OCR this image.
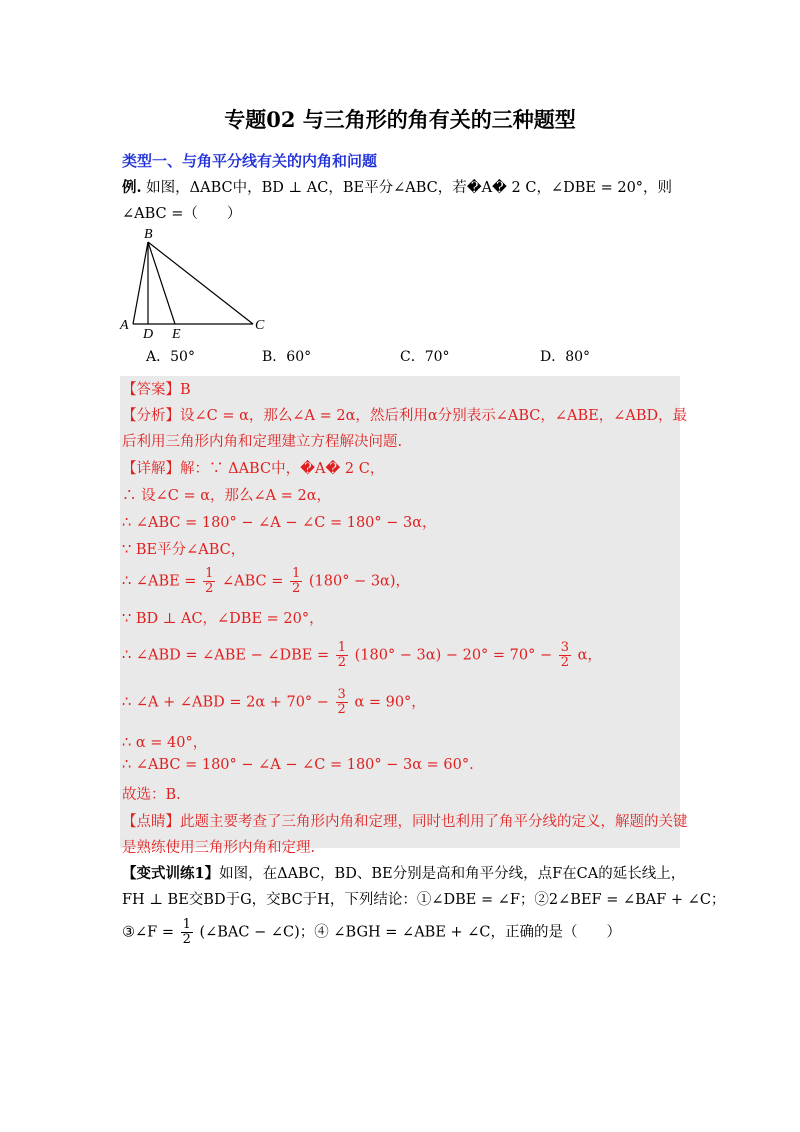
专题02 与三角形的角有关的三种题型
类型一、与角平分线有关的内角和问题
例. 如图，ΔABC中，BD ⊥ AC，BE平分∠ABC，若�A� 2 C，∠DBE = 20°，则
∠ABC =（　　）
B
A
D E
C
A．50°	B．60°	C．70°	D．80°
【答案】B
【分析】设∠C = α，那么∠A = 2α，然后利用α分别表示∠ABC，∠ABE，∠ABD，最
后利用三角形内角和定理建立方程解决问题.
【详解】解：∵ ΔABC中，�A� 2 C，
∴ 设∠C = α，那么∠A = 2α，
∴ ∠ABC = 180° − ∠A − ∠C = 180° − 3α，
∵ BE平分∠ABC，
∴ ∠ABE = $\frac{1}{2}$ ∠ABC = $\frac{1}{2} (180^\circ - 3\alpha)$，
∵ BD ⊥ AC，∠DBE = 20°，
∴ ∠ABD = ∠ABE − ∠DBE = $\frac{1}{2} (180^\circ - 3\alpha) - 20^\circ = 70^\circ - \frac{3}{2}$ α，
∴ ∠A + ∠ABD = $2\alpha + 70^\circ - \frac{3}{2}$ α = 90°，
∴ α = 40°，
∴ ∠ABC = 180° − ∠A − ∠C = 180° − 3α = 60°.
故选：B.
【点睛】此题主要考查了三角形内角和定理，同时也利用了角平分线的定义，解题的关键
是熟练使用三角形内角和定理.
【变式训练1】如图，在ΔABC，BD、BE分别是高和角平分线，点F在CA的延长线上，
FH ⊥ BE交BD于G，交BC于H，下列结论：①∠DBE = ∠F；②2∠BEF = ∠BAF + ∠C；
③∠F = $\frac{1}{2}$ (∠BAC − ∠C)；④ ∠BGH = ∠ABE + ∠C，正确的是（　　）
